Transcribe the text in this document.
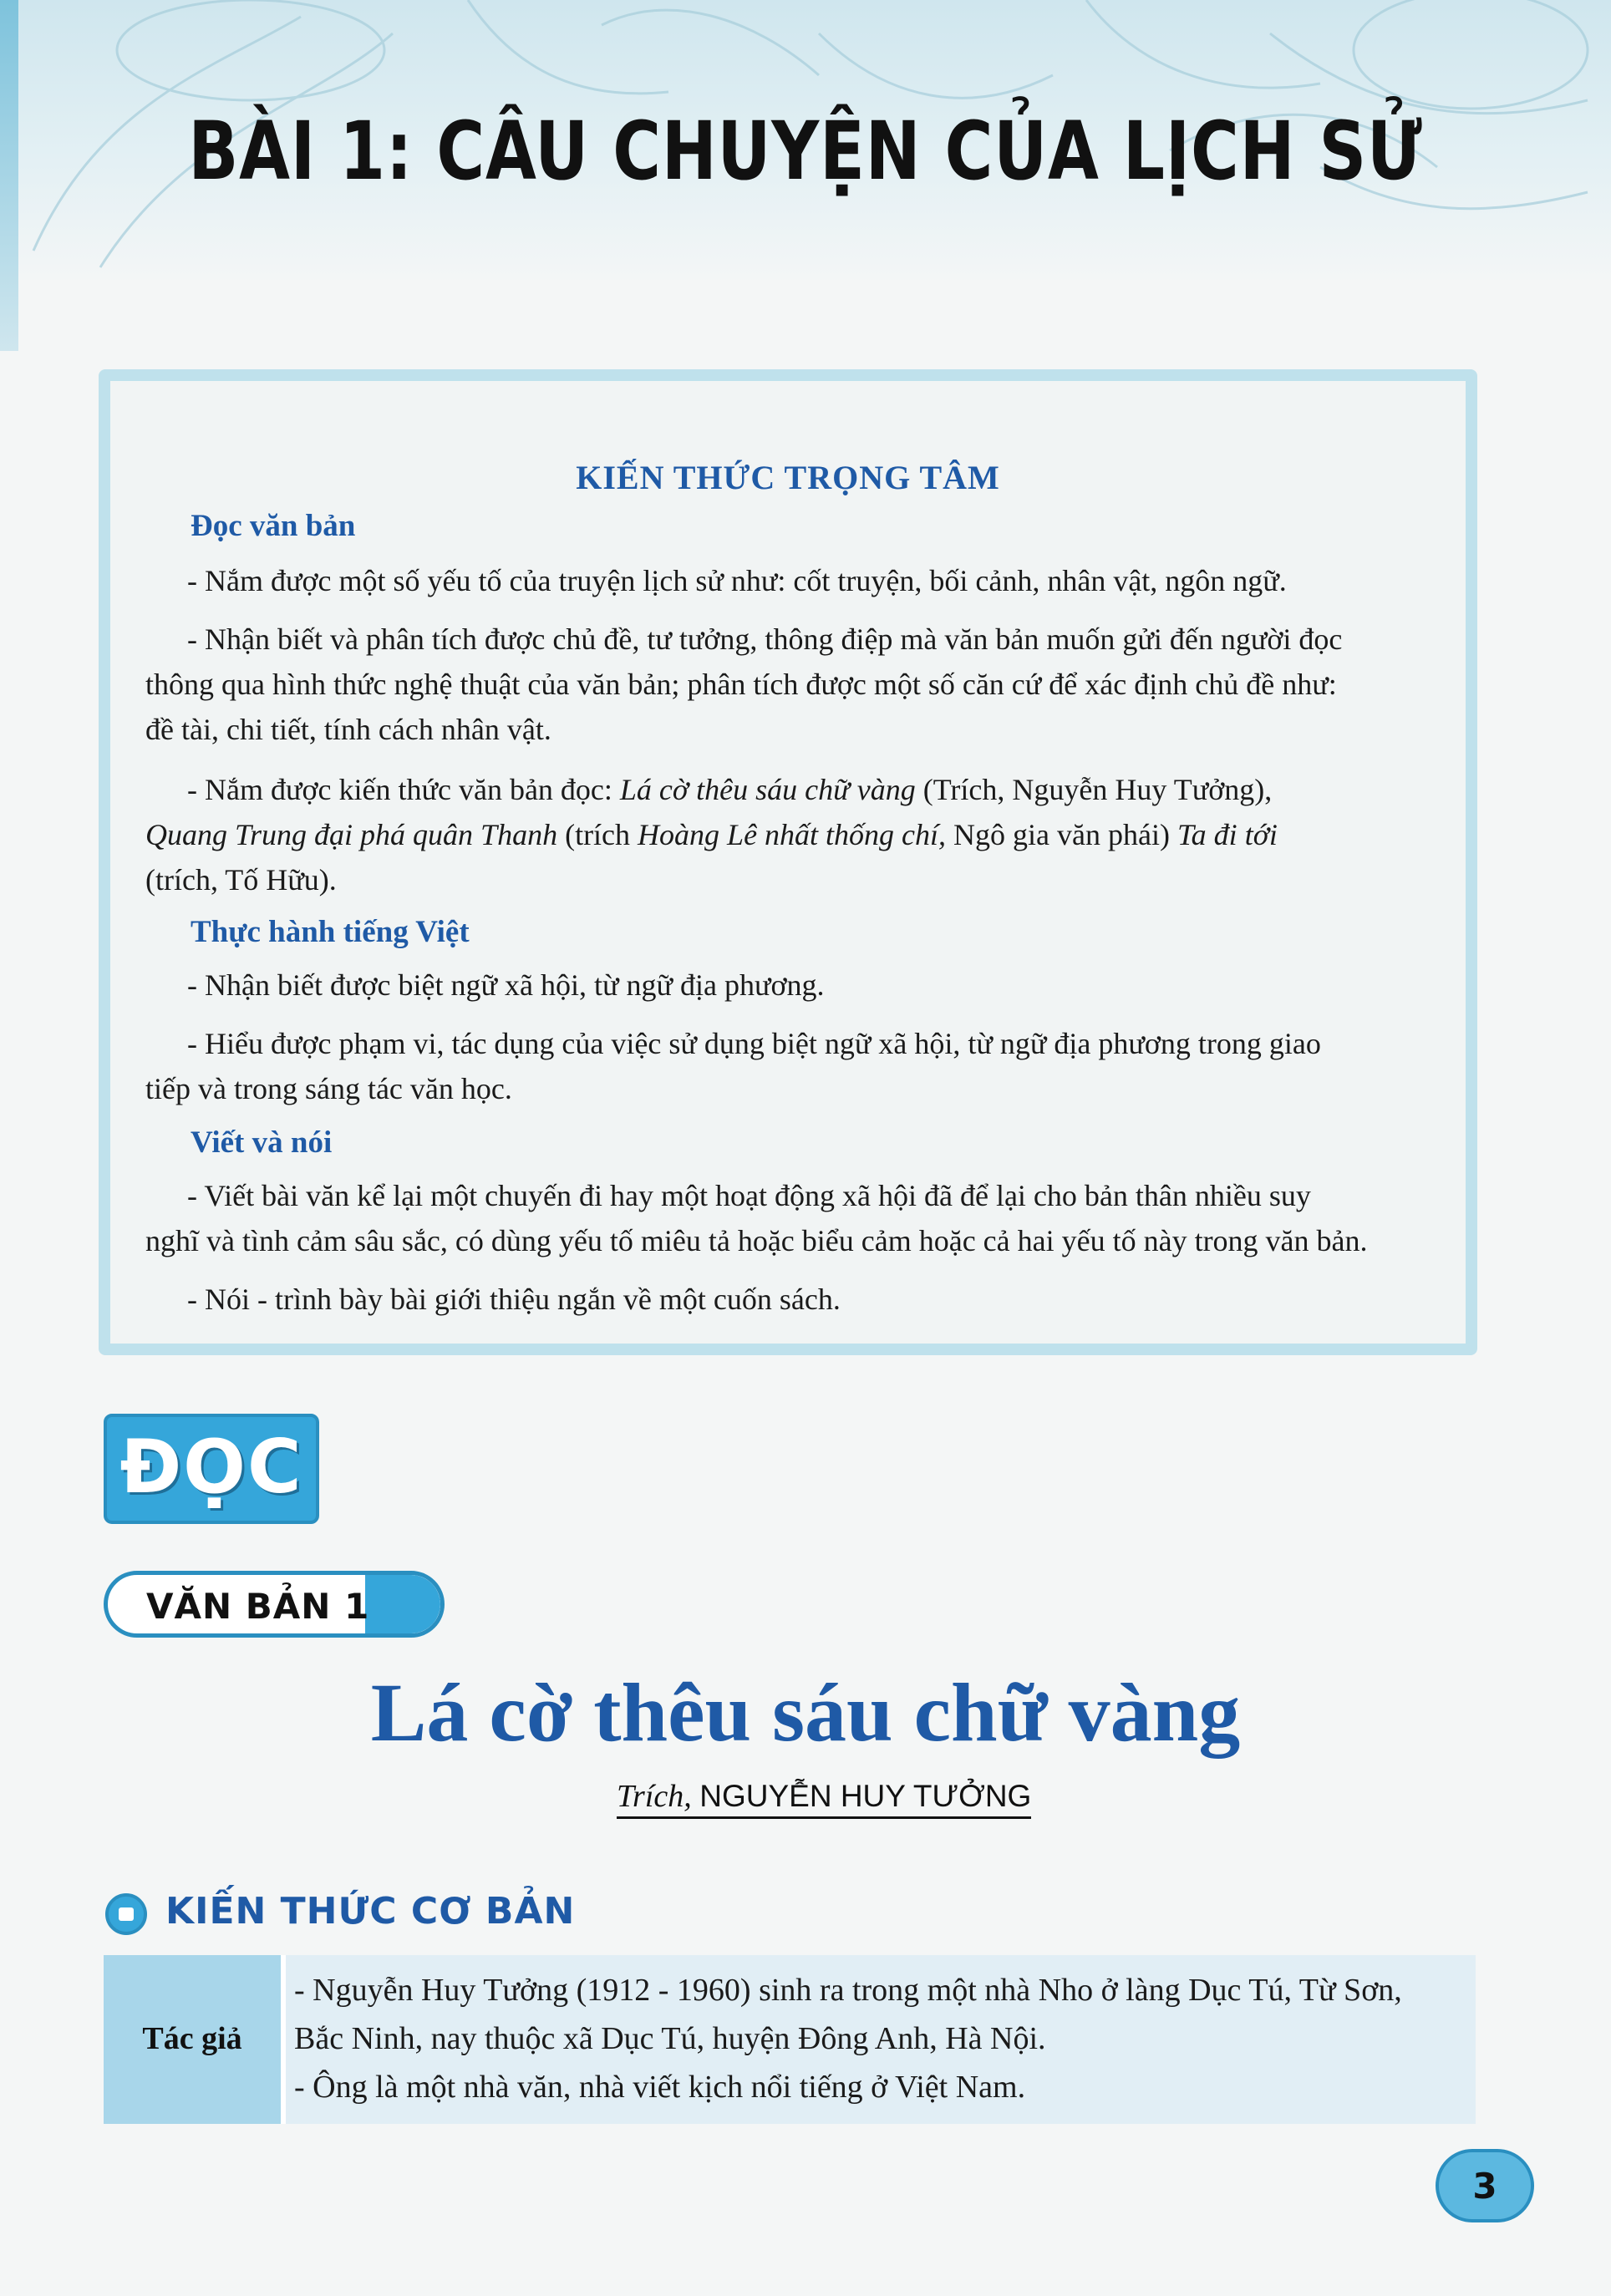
BÀI 1: CÂU CHUYỆN CỦA LỊCH SỬ
KIẾN THỨC TRỌNG TÂM
Đọc văn bản
- Nắm được một số yếu tố của truyện lịch sử như: cốt truyện, bối cảnh, nhân vật, ngôn ngữ.
- Nhận biết và phân tích được chủ đề, tư tưởng, thông điệp mà văn bản muốn gửi đến người đọc
thông qua hình thức nghệ thuật của văn bản; phân tích được một số căn cứ để xác định chủ đề như:
đề tài, chi tiết, tính cách nhân vật.
- Nắm được kiến thức văn bản đọc: Lá cờ thêu sáu chữ vàng (Trích, Nguyễn Huy Tưởng),
Quang Trung đại phá quân Thanh (trích Hoàng Lê nhất thống chí, Ngô gia văn phái) Ta đi tới
(trích, Tố Hữu).
Thực hành tiếng Việt
- Nhận biết được biệt ngữ xã hội, từ ngữ địa phương.
- Hiểu được phạm vi, tác dụng của việc sử dụng biệt ngữ xã hội, từ ngữ địa phương trong giao
tiếp và trong sáng tác văn học.
Viết và nói
- Viết bài văn kể lại một chuyến đi hay một hoạt động xã hội đã để lại cho bản thân nhiều suy
nghĩ và tình cảm sâu sắc, có dùng yếu tố miêu tả hoặc biểu cảm hoặc cả hai yếu tố này trong văn bản.
- Nói - trình bày bài giới thiệu ngắn về một cuốn sách.
ĐỌC
VĂN BẢN 1
Lá cờ thêu sáu chữ vàng
Trích, NGUYỄN HUY TƯỞNG
KIẾN THỨC CƠ BẢN
Tác giả
- Nguyễn Huy Tưởng (1912 - 1960) sinh ra trong một nhà Nho ở làng Dục Tú, Từ Sơn,
Bắc Ninh, nay thuộc xã Dục Tú, huyện Đông Anh, Hà Nội.
- Ông là một nhà văn, nhà viết kịch nổi tiếng ở Việt Nam.
3
